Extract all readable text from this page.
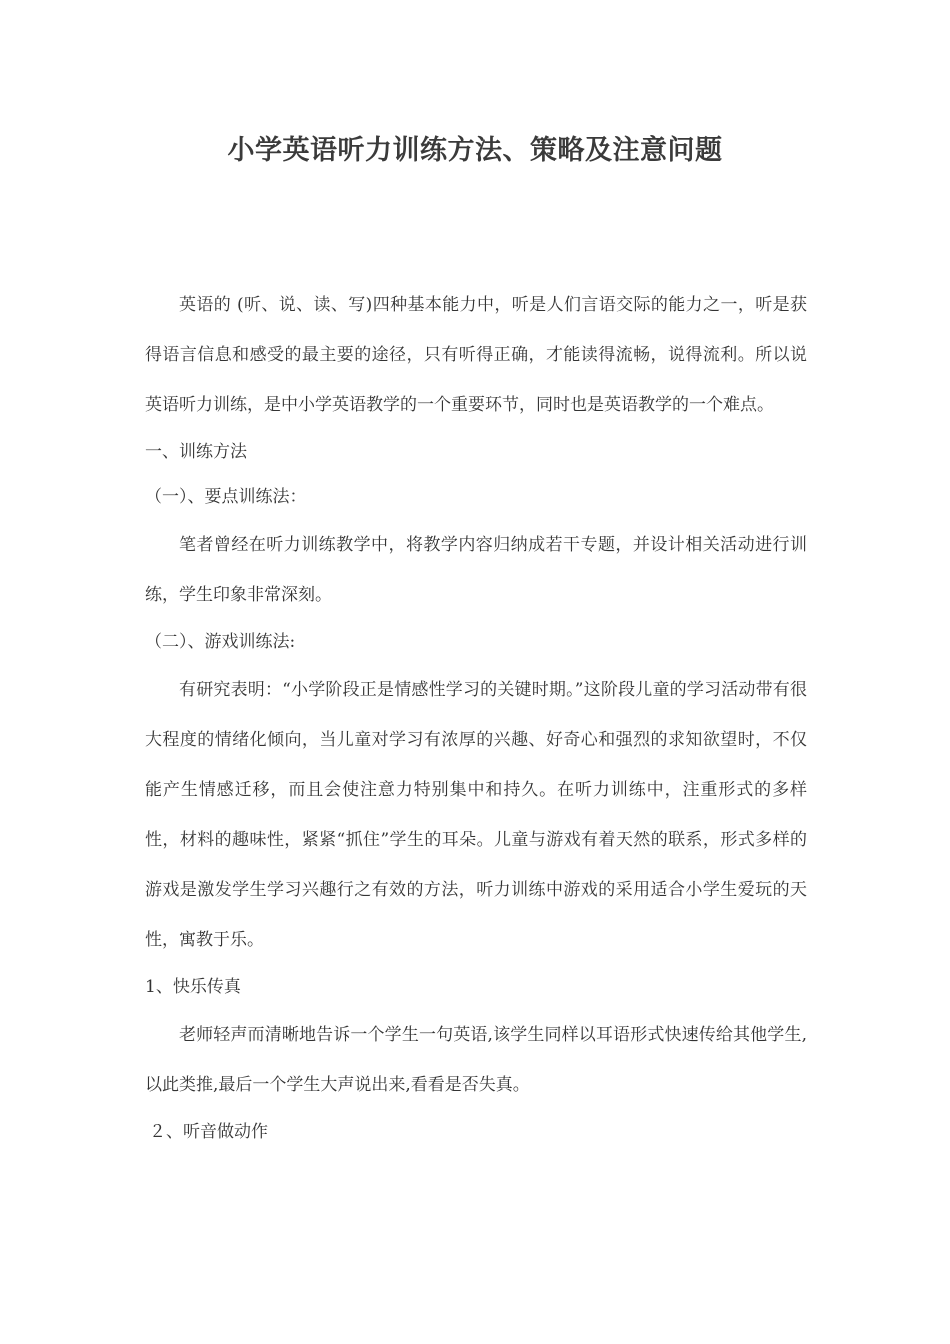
小学英语听力训练方法、策略及注意问题

英语的 (听、说、读、写)四种基本能力中，听是人们言语交际的能力之一，听是获得语言信息和感受的最主要的途径，只有听得正确，才能读得流畅，说得流利。所以说英语听力训练，是中小学英语教学的一个重要环节，同时也是英语教学的一个难点。

一、训练方法

（一）、要点训练法：

笔者曾经在听力训练教学中，将教学内容归纳成若干专题，并设计相关活动进行训练，学生印象非常深刻。

（二）、游戏训练法:

有研究表明：“小学阶段正是情感性学习的关键时期。”这阶段儿童的学习活动带有很大程度的情绪化倾向，当儿童对学习有浓厚的兴趣、好奇心和强烈的求知欲望时，不仅能产生情感迁移，而且会使注意力特别集中和持久。在听力训练中，注重形式的多样性，材料的趣味性，紧紧“抓住”学生的耳朵。儿童与游戏有着天然的联系，形式多样的游戏是激发学生学习兴趣行之有效的方法，听力训练中游戏的采用适合小学生爱玩的天性，寓教于乐。

1、快乐传真

老师轻声而清晰地告诉一个学生一句英语,该学生同样以耳语形式快速传给其他学生,以此类推,最后一个学生大声说出来,看看是否失真。

２、听音做动作
